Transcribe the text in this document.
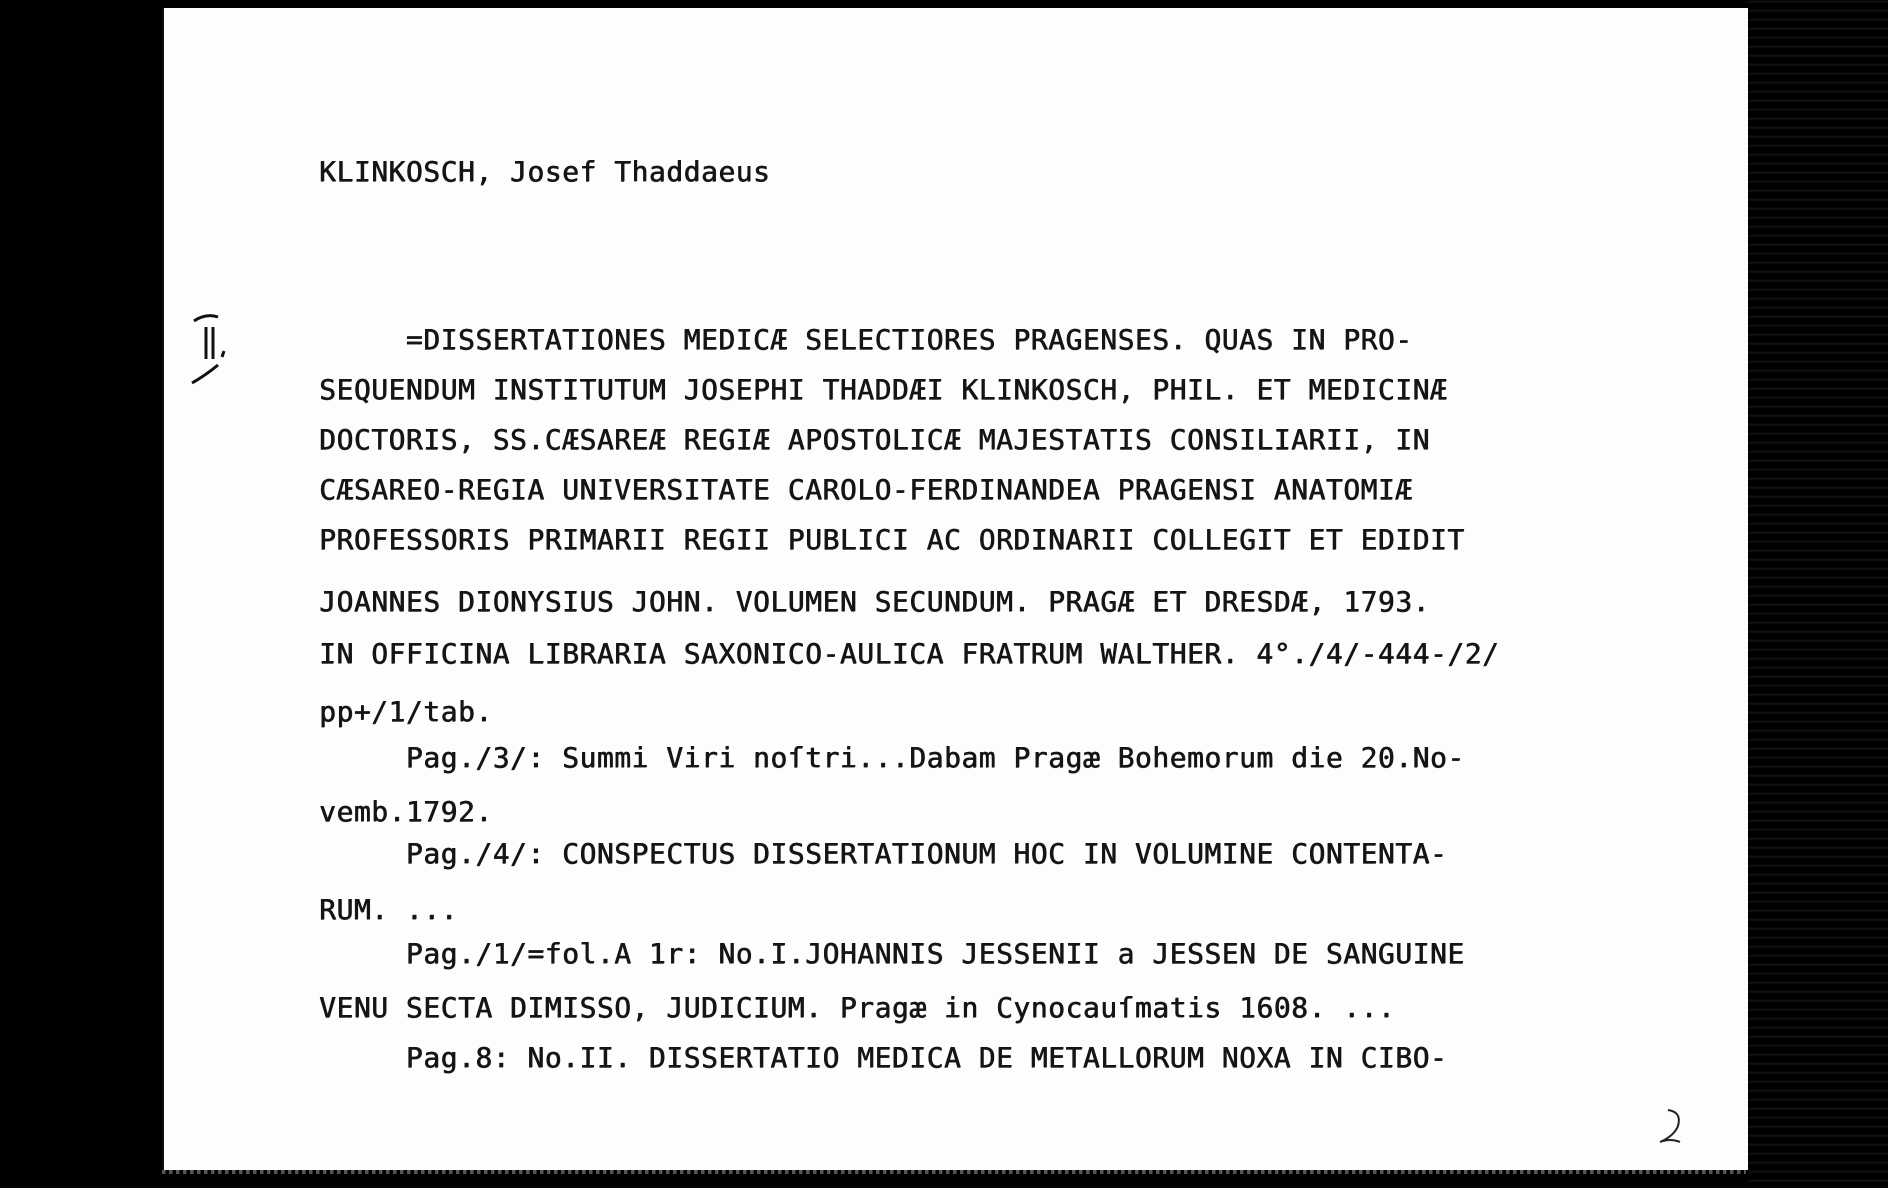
KLINKOSCH, Josef Thaddaeus

=DISSERTATIONES MEDICÆ SELECTIORES PRAGENSES. QUAS IN PRO-

SEQUENDUM INSTITUTUM JOSEPHI THADDÆI KLINKOSCH, PHIL. ET MEDICINÆ

DOCTORIS, SS.CÆSAREÆ REGIÆ APOSTOLICÆ MAJESTATIS CONSILIARII, IN

CÆSAREO-REGIA UNIVERSITATE CAROLO-FERDINANDEA PRAGENSI ANATOMIÆ

PROFESSORIS PRIMARII REGII PUBLICI AC ORDINARII COLLEGIT ET EDIDIT

JOANNES DIONYSIUS JOHN. VOLUMEN SECUNDUM. PRAGÆ ET DRESDÆ, 1793.

IN OFFICINA LIBRARIA SAXONICO-AULICA FRATRUM WALTHER. 4°./4/-444-/2/

pp+/1/tab.

Pag./3/: Summi Viri noſtri...Dabam Pragæ Bohemorum die 20.No-

vemb.1792.

Pag./4/: CONSPECTUS DISSERTATIONUM HOC IN VOLUMINE CONTENTA-

RUM. ...

Pag./1/=fol.A 1r: No.I.JOHANNIS JESSENII a JESSEN DE SANGUINE

VENU SECTA DIMISSO, JUDICIUM. Pragæ in Cynocauſmatis 1608. ...

Pag.8: No.II. DISSERTATIO MEDICA DE METALLORUM NOXA IN CIBO-
